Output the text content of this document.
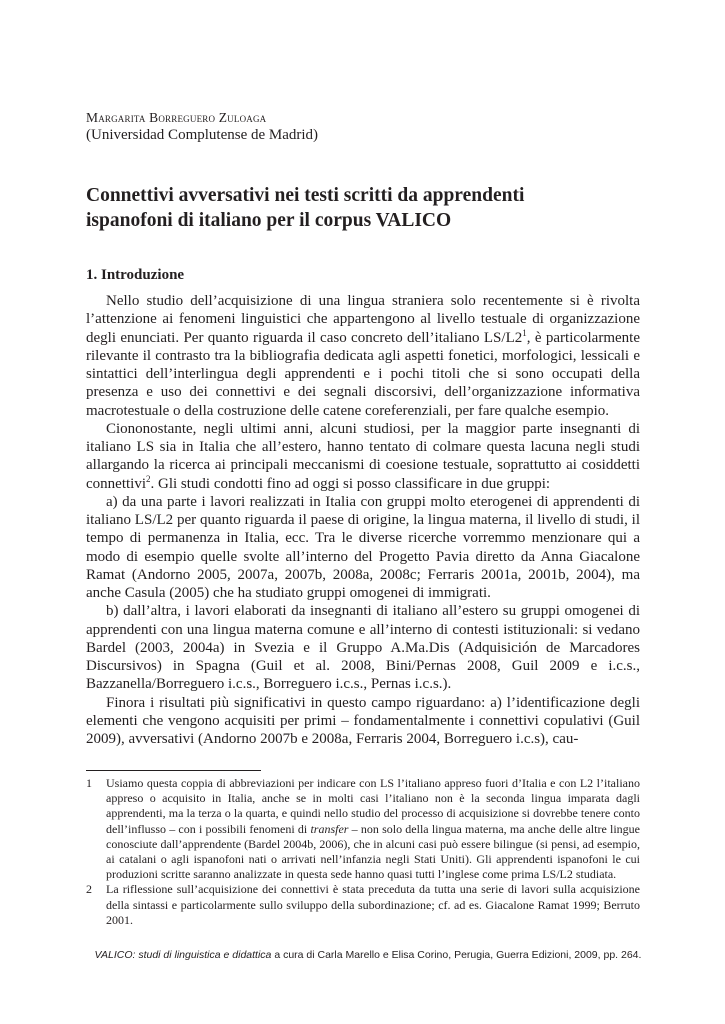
Margarita Borreguero Zuloaga
(Universidad Complutense de Madrid)
Connettivi avversativi nei testi scritti da apprendenti
ispanofoni di italiano per il corpus VALICO
1. Introduzione

Nello studio dell’acquisizione di una lingua straniera solo recentemente si è rivolta l’attenzione ai fenomeni linguistici che appartengono al livello testuale di organizzazione degli enunciati. Per quanto riguarda il caso concreto dell’italiano $LS/L2^1$, è particolarmente rilevante il contrasto tra la bibliografia dedicata agli aspetti fonetici, morfologici, lessicali e sintattici dell’interlingua degli apprendenti e i pochi titoli che si sono occupati della presenza e uso dei connettivi e dei segnali discorsivi, dell’organizzazione informativa macrotestuale o della costruzione delle catene coreferenziali, per fare qualche esempio.

Ciononostante, negli ultimi anni, alcuni studiosi, per la maggior parte insegnanti di italiano LS sia in Italia che all’estero, hanno tentato di colmare questa lacuna negli studi allargando la ricerca ai principali meccanismi di coesione testuale, soprattutto ai cosiddetti connettivi$^2$. Gli studi condotti fino ad oggi si posso classificare in due gruppi:

a) da una parte i lavori realizzati in Italia con gruppi molto eterogenei di apprendenti di italiano LS/L2 per quanto riguarda il paese di origine, la lingua materna, il livello di studi, il tempo di permanenza in Italia, ecc. Tra le diverse ricerche vorremmo menzionare qui a modo di esempio quelle svolte all’interno del Progetto Pavia diretto da Anna Giacalone Ramat (Andorno 2005, 2007a, 2007b, 2008a, 2008c; Ferraris 2001a, 2001b, 2004), ma anche Casula (2005) che ha studiato gruppi omogenei di immigrati.

b) dall’altra, i lavori elaborati da insegnanti di italiano all’estero su gruppi omogenei di apprendenti con una lingua materna comune e all’interno di contesti istituzionali: si vedano Bardel (2003, 2004a) in Svezia e il Gruppo A.Ma.Dis (Adquisición de Marcadores Discursivos) in Spagna (Guil et al. 2008, Bini/Pernas 2008, Guil 2009 e i.c.s., Bazzanella/Borreguero i.c.s., Borreguero i.c.s., Pernas i.c.s.).

Finora i risultati più significativi in questo campo riguardano: a) l’identificazione degli elementi che vengono acquisiti per primi – fondamentalmente i connettivi copulativi (Guil 2009), avversativi (Andorno 2007b e 2008a, Ferraris 2004, Borreguero i.c.s), cau-

1 Usiamo questa coppia di abbreviazioni per indicare con LS l’italiano appreso fuori d’Italia e con L2 l’italiano appreso o acquisito in Italia, anche se in molti casi l’italiano non è la seconda lingua imparata dagli apprendenti, ma la terza o la quarta, e quindi nello studio del processo di acquisizione si dovrebbe tenere conto dell’influsso – con i possibili fenomeni di transfer – non solo della lingua materna, ma anche delle altre lingue conosciute dall’apprendente (Bardel 2004b, 2006), che in alcuni casi può essere bilingue (si pensi, ad esempio, ai catalani o agli ispanofoni nati o arrivati nell’infanzia negli Stati Uniti). Gli apprendenti ispanofoni le cui produzioni scritte saranno analizzate in questa sede hanno quasi tutti l’inglese come prima LS/L2 studiata.
2 La riflessione sull’acquisizione dei connettivi è stata preceduta da tutta una serie di lavori sulla acquisizione della sintassi e particolarmente sullo sviluppo della subordinazione; cf. ad es. Giacalone Ramat 1999; Berruto 2001.
VALICO: studi di linguistica e didattica a cura di Carla Marello e Elisa Corino, Perugia, Guerra Edizioni, 2009, pp. 264.
